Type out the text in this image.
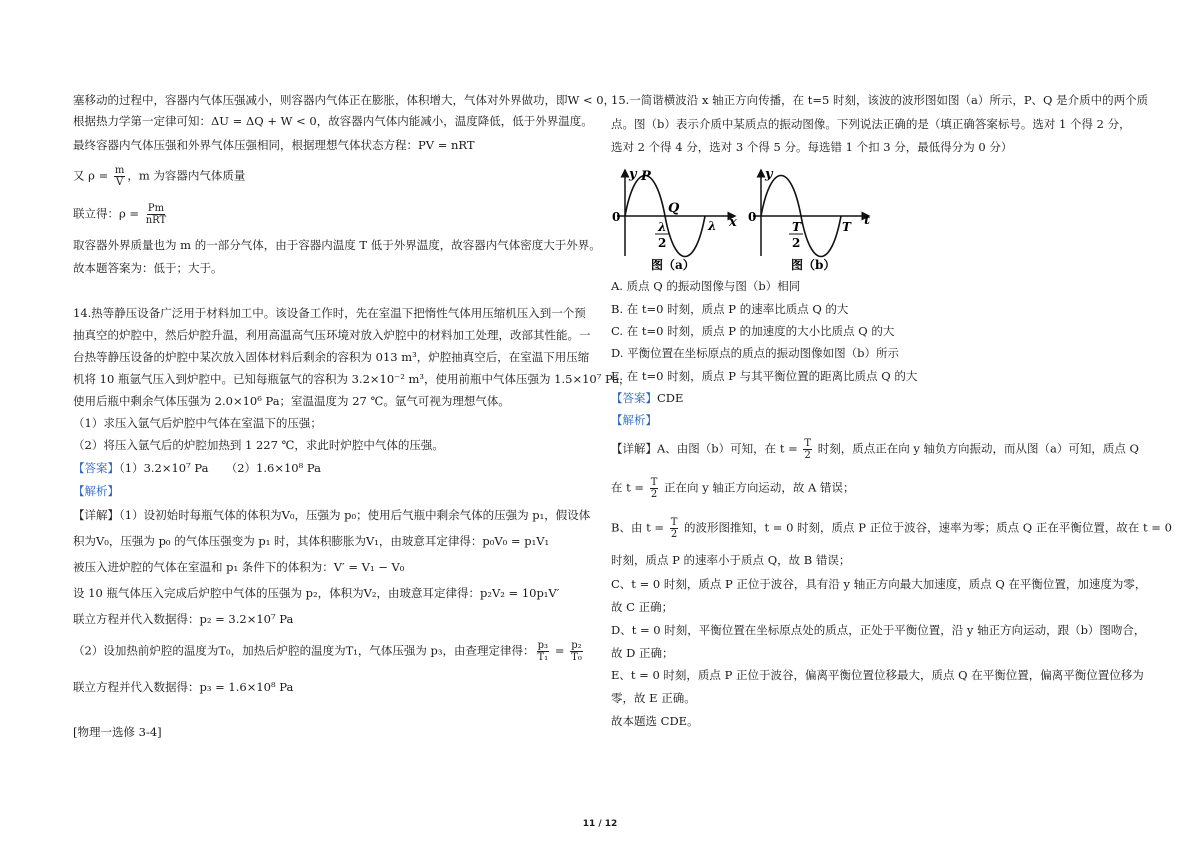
塞移动的过程中，容器内气体压强减小，则容器内气体正在膨胀，体积增大，气体对外界做功，即W < 0，
根据热力学第一定律可知：ΔU = ΔQ + W < 0，故容器内气体内能减小，温度降低，低于外界温度。
最终容器内气体压强和外界气体压强相同，根据理想气体状态方程：PV = nRT
又 $\rho = \frac{m}{V}$ ，m 为容器内气体质量
联立得：$\rho = \frac{Pm}{\text{nRT}}$
取容器外界质量也为 m 的一部分气体，由于容器内温度 T 低于外界温度，故容器内气体密度大于外界。
故本题答案为：低于；大于。
14.热等静压设备广泛用于材料加工中。该设备工作时，先在室温下把惰性气体用压缩机压入到一个预
抽真空的炉腔中，然后炉腔升温，利用高温高气压环境对放入炉腔中的材料加工处理，改部其性能。一
台热等静压设备的炉腔中某次放入固体材料后剩余的容积为 013 m³，炉腔抽真空后，在室温下用压缩
机将 10 瓶氩气压入到炉腔中。已知每瓶氩气的容积为 3.2×10⁻² m³，使用前瓶中气体压强为 1.5×10⁷ Pa，
使用后瓶中剩余气体压强为 2.0×10⁶ Pa；室温温度为 27 ℃。氩气可视为理想气体。
（1）求压入氩气后炉腔中气体在室温下的压强；
（2）将压入氩气后的炉腔加热到 1 227 ℃，求此时炉腔中气体的压强。
【答案】（1）3.2×10⁷ Pa　　（2）1.6×10⁸ Pa
【解析】
【详解】（1）设初始时每瓶气体的体积为V₀，压强为 p₀；使用后气瓶中剩余气体的压强为 p₁，假设体
积为V₀，压强为 p₀ 的气体压强变为 p₁ 时，其体积膨胀为V₁，由玻意耳定律得：p₀V₀ = p₁V₁
被压入进炉腔的气体在室温和 p₁ 条件下的体积为：V′ = V₁ − V₀
设 10 瓶气体压入完成后炉腔中气体的压强为 p₂，体积为V₂，由玻意耳定律得：p₂V₂ = 10p₁V′
联立方程并代入数据得：p₂ = 3.2×10⁷ Pa
（2）设加热前炉腔的温度为T₀，加热后炉腔的温度为T₁，气体压强为 p₃，由查理定律得： $\frac{\text{p₃}}{\text{T₁}} = \frac{\text{p₂}}{\text{T₀}}$
联立方程并代入数据得：p₃ = 1.6×10⁸ Pa
[物理一选修 3-4]
15.一简谐横波沿 x 轴正方向传播，在 t=5 时刻，该波的波形图如图（a）所示，P、Q 是介质中的两个质
点。图（b）表示介质中某质点的振动图像。下列说法正确的是（填正确答案标号。选对 1 个得 2 分，
选对 2 个得 4 分，选对 3 个得 5 分。每选错 1 个扣 3 分，最低得分为 0 分）
y P
0
Q
λ
2
λ x
图（a）
y
0
T
2
T t
图（b）
A. 质点 Q 的振动图像与图（b）相同
B. 在 t=0 时刻，质点 P 的速率比质点 Q 的大
C. 在 t=0 时刻，质点 P 的加速度的大小比质点 Q 的大
D. 平衡位置在坐标原点的质点的振动图像如图（b）所示
E. 在 t=0 时刻，质点 P 与其平衡位置的距离比质点 Q 的大
【答案】CDE
【解析】
【详解】A、由图（b）可知，在 $t = \frac{T}{2}$ 时刻，质点正在向 y 轴负方向振动，而从图（a）可知，质点 Q
在 $t = \frac{T}{2}$ 正在向 y 轴正方向运动，故 A 错误；
B、由 $t = \frac{T}{2}$ 的波形图推知，t = 0 时刻，质点 P 正位于波谷，速率为零；质点 Q 正在平衡位置，故在 t = 0
时刻，质点 P 的速率小于质点 Q，故 B 错误；
C、t = 0 时刻，质点 P 正位于波谷，具有沿 y 轴正方向最大加速度，质点 Q 在平衡位置，加速度为零，
故 C 正确；
D、t = 0 时刻，平衡位置在坐标原点处的质点，正处于平衡位置，沿 y 轴正方向运动，跟（b）图吻合，
故 D 正确；
E、t = 0 时刻，质点 P 正位于波谷，偏离平衡位置位移最大，质点 Q 在平衡位置，偏离平衡位置位移为
零，故 E 正确。
故本题选 CDE。
11 / 12
